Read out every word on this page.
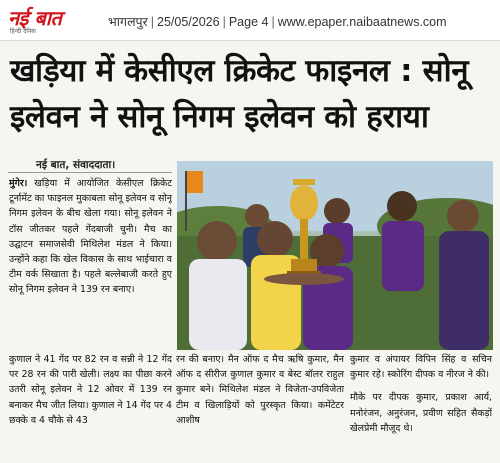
नई बात
हिन्दी दैनिक
भागलपुर | 25/05/2026 | Page 4 | www.epaper.naibaatnews.com
खड़िया में केसीएल क्रिकेट फाइनल : सोनू
इलेवन ने सोनू निगम इलेवन को हराया
नई बात, संवाददाता।
मुंगेर। खड़िया में आयोजित केसीएल क्रिकेट टूर्नामेंट का फाइनल मुकाबला सोनू इलेवन व सोनू निगम इलेवन के बीच खेला गया। सोनू इलेवन ने टॉस जीतकर पहले गेंदबाजी चुनी। मैच का उद्घाटन समाजसेवी मिथिलेश मंडल ने किया। उन्होंने कहा कि खेल विकास के साथ भाईचारा व टीम वर्क सिखाता है। पहले बल्लेबाजी करते हुए सोनू निगम इलेवन ने 139 रन बनाए।
कुणाल ने 41 गेंद पर 82 रन व सन्नी ने 12 गेंद पर 28 रन की पारी खेली। लक्ष्य का पीछा करने उतरी सोनू इलेवन ने 12 ओवर में 139 रन बनाकर मैच जीत लिया। कुणाल ने 14 गेंद पर 4 छक्के व 4 चौके से 43
रन की बनाए। मैन ऑफ द मैच ऋषि कुमार, मैन ऑफ द सीरीज कुणाल कुमार व बेस्ट बॉलर राहुल कुमार बने। मिथिलेश मंडल ने विजेता-उपविजेता टीम व खिलाड़ियों को पुरस्कृत किया। कमेंटेटर आशीष
कुमार व अंपायर विपिन सिंह व सचिन कुमार रहे। स्कोरिंग दीपक व नीरज ने की।
मौके पर दीपक कुमार, प्रकाश आर्य, मनोरंजन, अनुरंजन, प्रवीण सहित सैकड़ों खेलप्रेमी मौजूद थे।
